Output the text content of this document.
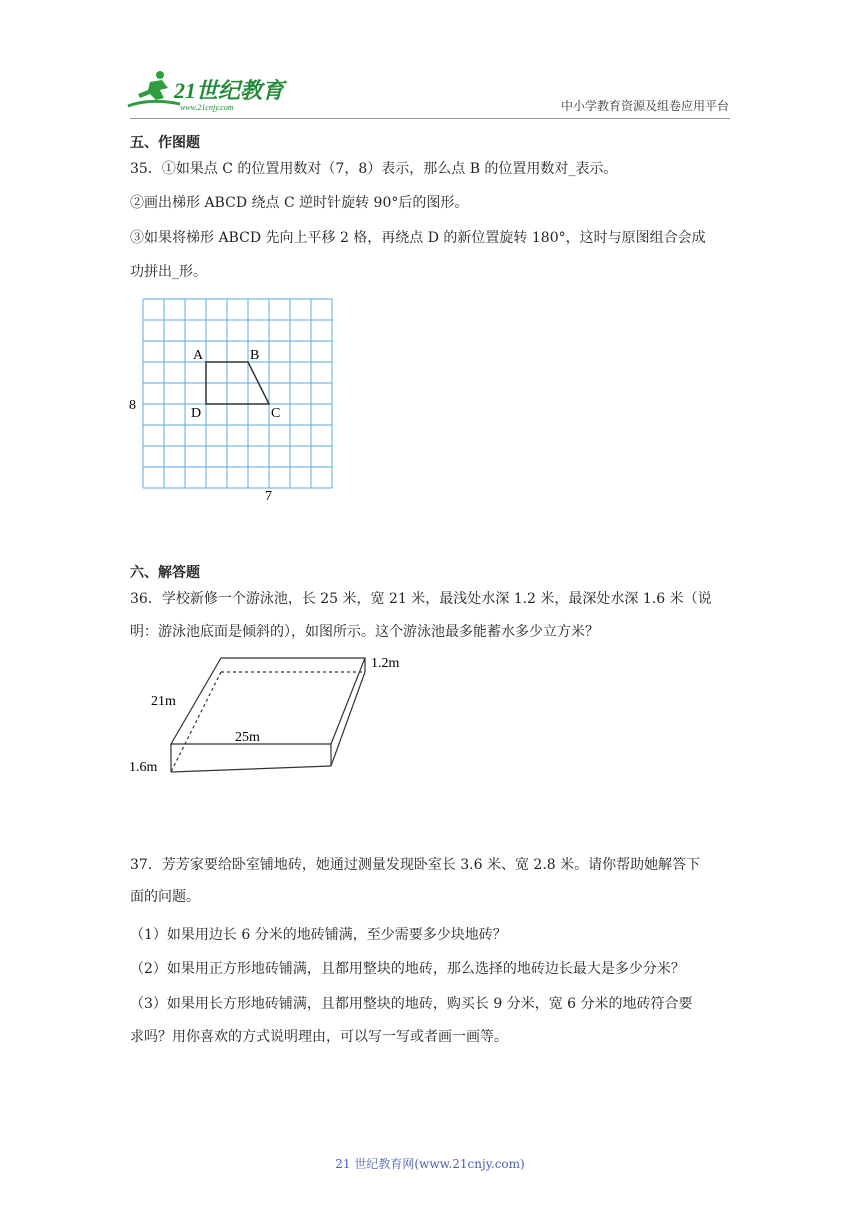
21世纪教育
www.21cnjy.com	中小学教育资源及组卷应用平台
五、作图题
35．①如果点 C 的位置用数对（7，8）表示，那么点 B 的位置用数对_表示。
②画出梯形 ABCD 绕点 C 逆时针旋转 90°后的图形。
③如果将梯形 ABCD 先向上平移 2 格，再绕点 D 的新位置旋转 180°，这时与原图组合会成
功拼出_形。
A	B
C
D
8
7
六、解答题
36．学校新修一个游泳池，长 25 米，宽 21 米，最浅处水深 1.2 米，最深处水深 1.6 米（说
明：游泳池底面是倾斜的），如图所示。这个游泳池最多能蓄水多少立方米？
1.2m
21m
25m
1.6m
37．芳芳家要给卧室铺地砖，她通过测量发现卧室长 3.6 米、宽 2.8 米。请你帮助她解答下
面的问题。
（1）如果用边长 6 分米的地砖铺满，至少需要多少块地砖？
（2）如果用正方形地砖铺满，且都用整块的地砖，那么选择的地砖边长最大是多少分米？
（3）如果用长方形地砖铺满，且都用整块的地砖，购买长 9 分米，宽 6 分米的地砖符合要
求吗？用你喜欢的方式说明理由，可以写一写或者画一画等。
21 世纪教育网(www.21cnjy.com)
